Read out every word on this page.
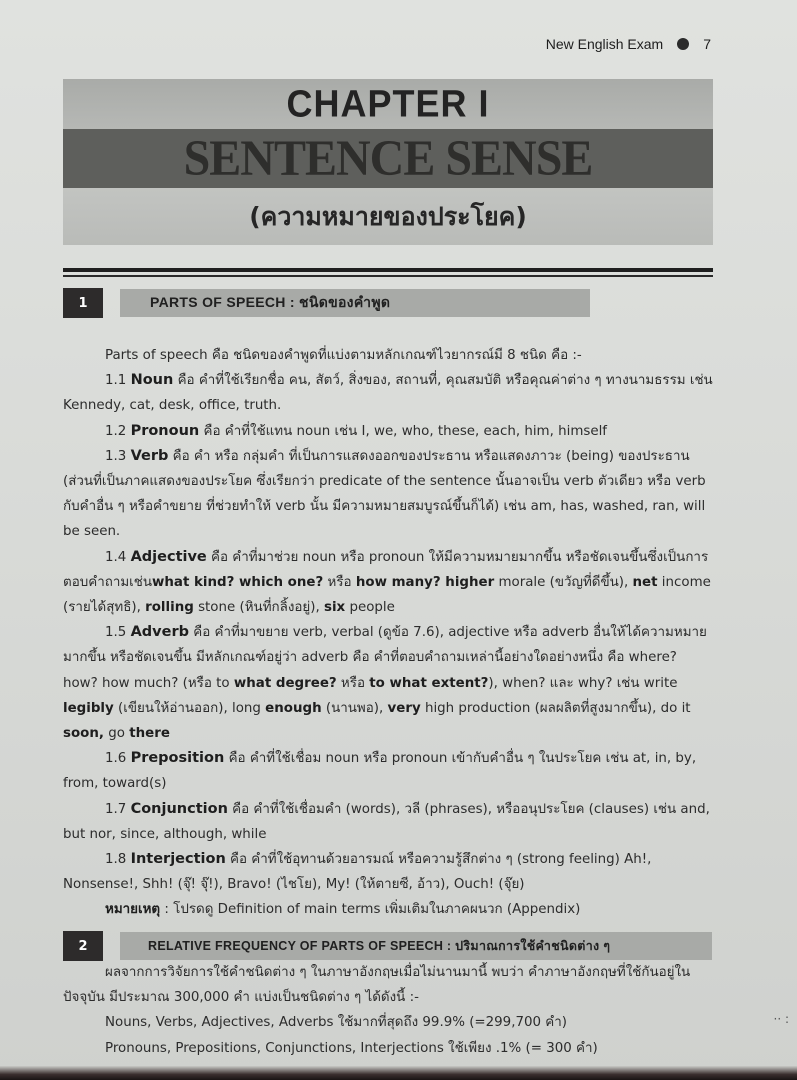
New English Exam	7
CHAPTER I
SENTENCE SENSE
(ความหมายของประโยค)
1	PARTS OF SPEECH : ชนิดของคำพูด

Parts of speech คือ ชนิดของคำพูดที่แบ่งตามหลักเกณฑ์ไวยากรณ์มี 8 ชนิด คือ :-

1.1 Noun คือ คำที่ใช้เรียกชื่อ คน, สัตว์, สิ่งของ, สถานที่, คุณสมบัติ หรือคุณค่าต่าง ๆ ทางนามธรรม เช่น Kennedy, cat, desk, office, truth.

1.2 Pronoun คือ คำที่ใช้แทน noun เช่น I, we, who, these, each, him, himself

1.3 Verb คือ คำ หรือ กลุ่มคำ ที่เป็นการแสดงออกของประธาน หรือแสดงภาวะ (being) ของประธาน (ส่วนที่เป็นภาคแสดงของประโยค ซึ่งเรียกว่า predicate of the sentence นั้นอาจเป็น verb ตัวเดียว หรือ verb กับคำอื่น ๆ หรือคำขยาย ที่ช่วยทำให้ verb นั้น มีความหมายสมบูรณ์ขึ้นก็ได้) เช่น am, has, washed, ran, will be seen.

1.4 Adjective คือ คำที่มาช่วย noun หรือ pronoun ให้มีความหมายมากขึ้น หรือชัดเจนขึ้นซึ่งเป็นการตอบคำถามเช่นwhat kind? which one? หรือ how many? higher morale (ขวัญที่ดีขึ้น), net income (รายได้สุทธิ), rolling stone (หินที่กลิ้งอยู่), six people

1.5 Adverb คือ คำที่มาขยาย verb, verbal (ดูข้อ 7.6), adjective หรือ adverb อื่นให้ได้ความหมายมากขึ้น หรือชัดเจนขึ้น มีหลักเกณฑ์อยู่ว่า adverb คือ คำที่ตอบคำถามเหล่านี้อย่างใดอย่างหนึ่ง คือ where? how? how much? (หรือ to what degree? หรือ to what extent?), when? และ why? เช่น write legibly (เขียนให้อ่านออก), long enough (นานพอ), very high production (ผลผลิตที่สูงมากขึ้น), do it soon, go there

1.6 Preposition คือ คำที่ใช้เชื่อม noun หรือ pronoun เข้ากับคำอื่น ๆ ในประโยค เช่น at, in, by, from, toward(s)

1.7 Conjunction คือ คำที่ใช้เชื่อมคำ (words), วลี (phrases), หรืออนุประโยค (clauses) เช่น and, but nor, since, although, while

1.8 Interjection คือ คำที่ใช้อุทานด้วยอารมณ์ หรือความรู้สึกต่าง ๆ (strong feeling) Ah!, Nonsense!, Shh! (จุ๊! จุ๊!), Bravo! (ไชโย), My! (ให้ตายซี, อ้าว), Ouch! (จุ๊ย)

หมายเหตุ : โปรดดู Definition of main terms เพิ่มเติมในภาคผนวก (Appendix)

2	RELATIVE FREQUENCY OF PARTS OF SPEECH : ปริมาณการใช้คำชนิดต่าง ๆ

ผลจากการวิจัยการใช้คำชนิดต่าง ๆ ในภาษาอังกฤษเมื่อไม่นานมานี้ พบว่า คำภาษาอังกฤษที่ใช้กันอยู่ในปัจจุบัน มีประมาณ 300,000 คำ แบ่งเป็นชนิดต่าง ๆ ได้ดังนี้ :-

Nouns, Verbs, Adjectives, Adverbs ใช้มากที่สุดถึง 99.9% (=299,700 คำ)

Pronouns, Prepositions, Conjunctions, Interjections ใช้เพียง .1% (= 300 คำ)

·· :
